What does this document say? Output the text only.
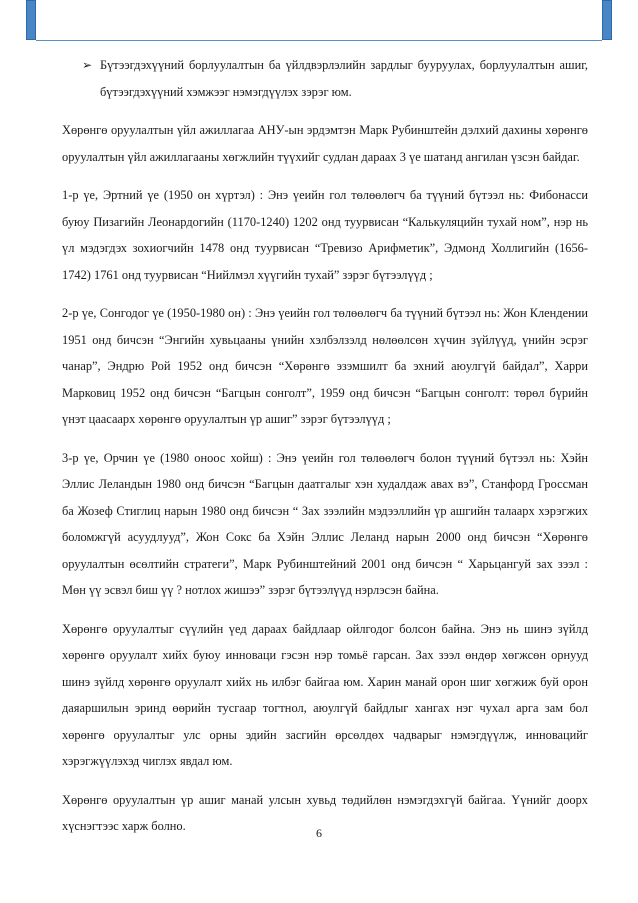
➢ Бүтээгдэхүүний борлуулалтын ба үйлдвэрлэлийн зардлыг бууруулах, борлуулалтын ашиг, бүтээгдэхүүний хэмжээг нэмэгдүүлэх зэрэг юм.

Хөрөнгө оруулалтын үйл ажиллагаа АНУ-ын эрдэмтэн Марк Рубинштейн дэлхий дахины хөрөнгө оруулалтын үйл ажиллагааны хөгжлийн түүхийг судлан дараах 3 үе шатанд ангилан үзсэн байдаг.

1-р үе, Эртний үе (1950 он хүртэл) : Энэ үеийн гол төлөөлөгч ба түүний бүтээл нь: Фибонасси буюу Пизагийн Леонардогийн (1170-1240) 1202 онд туурвисан “Калькуляцийн тухай ном”, нэр нь үл мэдэгдэх зохиогчийн 1478 онд туурвисан “Тревизо Арифметик”, Эдмонд Холлигийн (1656-1742) 1761 онд туурвисан “Нийлмэл хүүгийн тухай” зэрэг бүтээлүүд ;

2-р үе, Сонгодог үе (1950-1980 он) : Энэ үеийн гол төлөөлөгч ба түүний бүтээл нь: Жон Клендении 1951 онд бичсэн “Энгийн хувьцааны үнийн хэлбэлзэлд нөлөөлсөн хүчин зүйлүүд, үнийн эсрэг чанар”, Эндрю Рой 1952 онд бичсэн “Хөрөнгө эзэмшилт ба эхний аюулгүй байдал”, Харри Марковиц 1952 онд бичсэн “Багцын сонголт”, 1959 онд бичсэн “Багцын сонголт: төрөл бүрийн үнэт цаасаарх хөрөнгө оруулалтын үр ашиг” зэрэг бүтээлүүд ;

3-р үе, Орчин үе (1980 оноос хойш) : Энэ үеийн гол төлөөлөгч болон түүний бүтээл нь: Хэйн Эллис Леландын 1980 онд бичсэн “Багцын даатгалыг хэн худалдаж авах вэ”, Станфорд Гроссман ба Жозеф Стиглиц нарын 1980 онд бичсэн “ Зах зээлийн мэдээллийн үр ашгийн талаарх хэрэгжих боломжгүй асуудлууд”, Жон Сокс ба Хэйн Эллис Леланд нарын 2000 онд бичсэн “Хөрөнгө оруулалтын өсөлтийн стратеги”, Марк Рубинштейний 2001 онд бичсэн “ Харьцангуй зах зээл : Мөн үү эсвэл биш үү ? нотлох жишээ” зэрэг бүтээлүүд нэрлэсэн байна.

Хөрөнгө оруулалтыг сүүлийн үед дараах байдлаар ойлгодог болсон байна. Энэ нь шинэ зүйлд хөрөнгө оруулалт хийх буюу инноваци гэсэн нэр томьё гарсан. Зах зээл өндөр хөгжсөн орнууд шинэ зүйлд хөрөнгө оруулалт хийх нь илбэг байгаа юм. Харин манай орон шиг хөгжиж буй орон даяаршилын эринд өөрийн тусгаар тогтнол, аюулгүй байдлыг хангах нэг чухал арга зам бол хөрөнгө оруулалтыг улс орны эдийн засгийн өрсөлдөх чадварыг нэмэгдүүлж, инновацийг хэрэгжүүлэхэд чиглэх явдал юм.

Хөрөнгө оруулалтын үр ашиг манай улсын хувьд төдийлөн нэмэгдэхгүй байгаа. Үүнийг доорх хүснэгтээс харж болно.	6
